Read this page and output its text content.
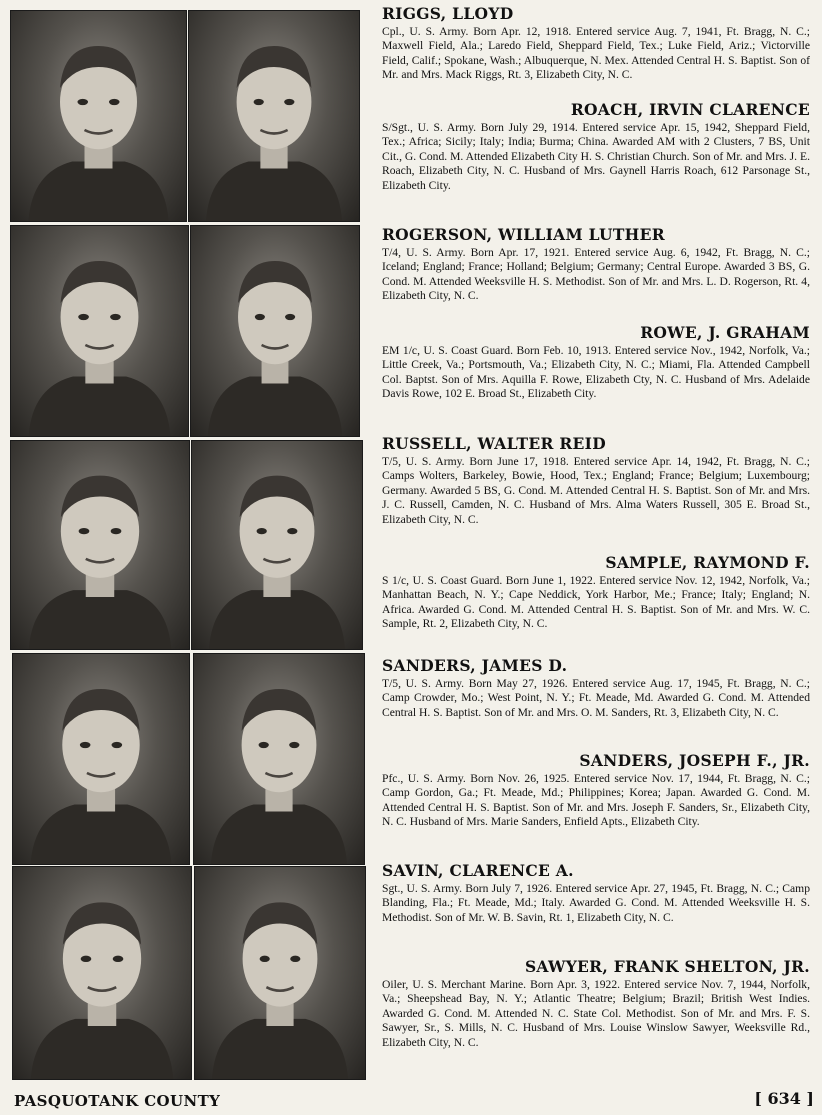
RIGGS, LLOYD

Cpl., U. S. Army. Born Apr. 12, 1918. Entered service Aug. 7, 1941, Ft. Bragg, N. C.; Maxwell Field, Ala.; Laredo Field, Sheppard Field, Tex.; Luke Field, Ariz.; Victorville Field, Calif.; Spokane, Wash.; Albuquerque, N. Mex. Attended Central H. S. Baptist. Son of Mr. and Mrs. Mack Riggs, Rt. 3, Elizabeth City, N. C.

ROACH, IRVIN CLARENCE

S/Sgt., U. S. Army. Born July 29, 1914. Entered service Apr. 15, 1942, Sheppard Field, Tex.; Africa; Sicily; Italy; India; Burma; China. Awarded AM with 2 Clusters, 7 BS, Unit Cit., G. Cond. M. Attended Elizabeth City H. S. Christian Church. Son of Mr. and Mrs. J. E. Roach, Elizabeth City, N. C. Husband of Mrs. Gaynell Harris Roach, 612 Parsonage St., Elizabeth City.

ROGERSON, WILLIAM LUTHER

T/4, U. S. Army. Born Apr. 17, 1921. Entered service Aug. 6, 1942, Ft. Bragg, N. C.; Iceland; England; France; Holland; Belgium; Germany; Central Europe. Awarded 3 BS, G. Cond. M. Attended Weeksville H. S. Methodist. Son of Mr. and Mrs. L. D. Rogerson, Rt. 4, Elizabeth City, N. C.

ROWE, J. GRAHAM

EM 1/c, U. S. Coast Guard. Born Feb. 10, 1913. Entered service Nov., 1942, Norfolk, Va.; Little Creek, Va.; Portsmouth, Va.; Elizabeth City, N. C.; Miami, Fla. Attended Campbell Col. Baptst. Son of Mrs. Aquilla F. Rowe, Elizabeth Cty, N. C. Husband of Mrs. Adelaide Davis Rowe, 102 E. Broad St., Elizabeth City.

RUSSELL, WALTER REID

T/5, U. S. Army. Born June 17, 1918. Entered service Apr. 14, 1942, Ft. Bragg, N. C.; Camps Wolters, Barkeley, Bowie, Hood, Tex.; England; France; Belgium; Luxembourg; Germany. Awarded 5 BS, G. Cond. M. Attended Central H. S. Baptist. Son of Mr. and Mrs. J. C. Russell, Camden, N. C. Husband of Mrs. Alma Waters Russell, 305 E. Broad St., Elizabeth City, N. C.

SAMPLE, RAYMOND F.

S 1/c, U. S. Coast Guard. Born June 1, 1922. Entered service Nov. 12, 1942, Norfolk, Va.; Manhattan Beach, N. Y.; Cape Neddick, York Harbor, Me.; France; Italy; England; N. Africa. Awarded G. Cond. M. Attended Central H. S. Baptist. Son of Mr. and Mrs. W. C. Sample, Rt. 2, Elizabeth City, N. C.

SANDERS, JAMES D.

T/5, U. S. Army. Born May 27, 1926. Entered service Aug. 17, 1945, Ft. Bragg, N. C.; Camp Crowder, Mo.; West Point, N. Y.; Ft. Meade, Md. Awarded G. Cond. M. Attended Central H. S. Baptist. Son of Mr. and Mrs. O. M. Sanders, Rt. 3, Elizabeth City, N. C.

SANDERS, JOSEPH F., JR.

Pfc., U. S. Army. Born Nov. 26, 1925. Entered service Nov. 17, 1944, Ft. Bragg, N. C.; Camp Gordon, Ga.; Ft. Meade, Md.; Philippines; Korea; Japan. Awarded G. Cond. M. Attended Central H. S. Baptist. Son of Mr. and Mrs. Joseph F. Sanders, Sr., Elizabeth City, N. C. Husband of Mrs. Marie Sanders, Enfield Apts., Elizabeth City.

SAVIN, CLARENCE A.

Sgt., U. S. Army. Born July 7, 1926. Entered service Apr. 27, 1945, Ft. Bragg, N. C.; Camp Blanding, Fla.; Ft. Meade, Md.; Italy. Awarded G. Cond. M. Attended Weeksville H. S. Methodist. Son of Mr. W. B. Savin, Rt. 1, Elizabeth City, N. C.

SAWYER, FRANK SHELTON, JR.

Oiler, U. S. Merchant Marine. Born Apr. 3, 1922. Entered service Nov. 7, 1944, Norfolk, Va.; Sheepshead Bay, N. Y.; Atlantic Theatre; Belgium; Brazil; British West Indies. Awarded G. Cond. M. Attended N. C. State Col. Methodist. Son of Mr. and Mrs. F. S. Sawyer, Sr., S. Mills, N. C. Husband of Mrs. Louise Winslow Sawyer, Weeksville Rd., Elizabeth City, N. C.

PASQUOTANK COUNTY	[ 634 ]
